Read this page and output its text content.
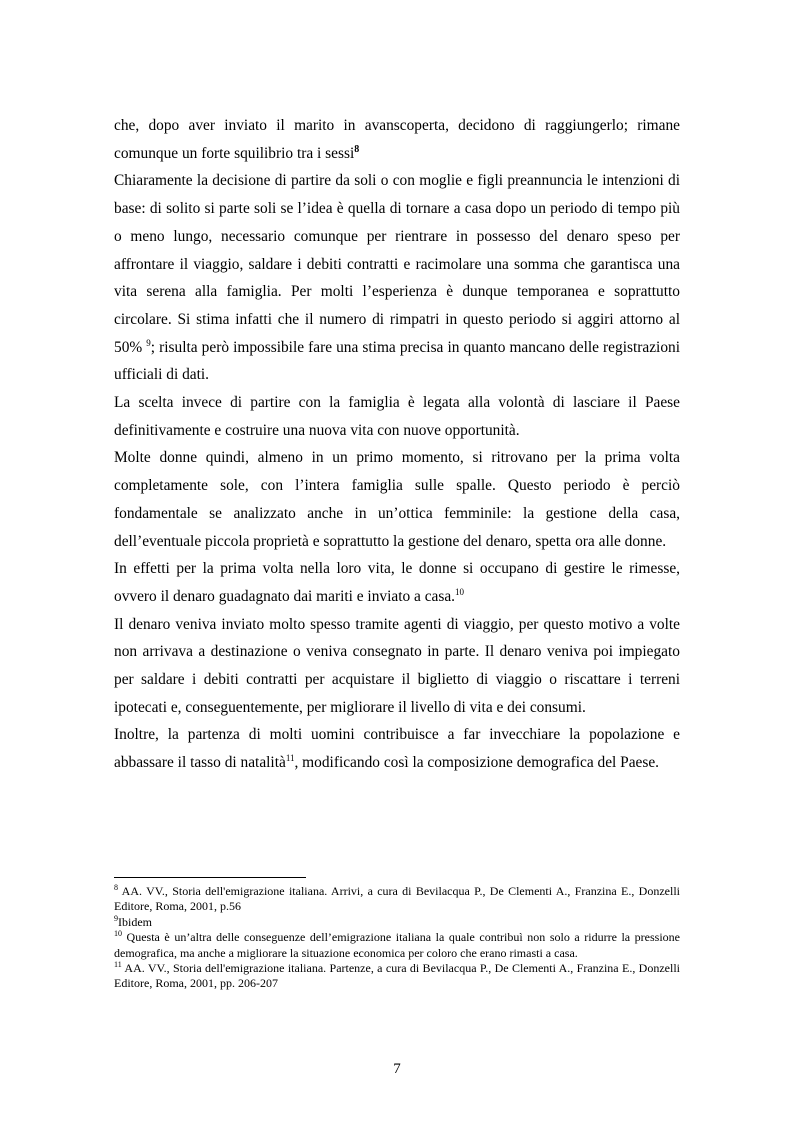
che, dopo aver inviato il marito in avanscoperta, decidono di raggiungerlo; rimane comunque un forte squilibrio tra i sessi$^8$

Chiaramente la decisione di partire da soli o con moglie e figli preannuncia le intenzioni di base: di solito si parte soli se l’idea è quella di tornare a casa dopo un periodo di tempo più o meno lungo, necessario comunque per rientrare in possesso del denaro speso per affrontare il viaggio, saldare i debiti contratti e racimolare una somma che garantisca una vita serena alla famiglia. Per molti l’esperienza è dunque temporanea e soprattutto circolare. Si stima infatti che il numero di rimpatri in questo periodo si aggiri attorno al 50% $^9$; risulta però impossibile fare una stima precisa in quanto mancano delle registrazioni ufficiali di dati.

La scelta invece di partire con la famiglia è legata alla volontà di lasciare il Paese definitivamente e costruire una nuova vita con nuove opportunità.

Molte donne quindi, almeno in un primo momento, si ritrovano per la prima volta completamente sole, con l’intera famiglia sulle spalle. Questo periodo è perciò fondamentale se analizzato anche in un’ottica femminile: la gestione della casa, dell’eventuale piccola proprietà e soprattutto la gestione del denaro, spetta ora alle donne.

In effetti per la prima volta nella loro vita, le donne si occupano di gestire le rimesse, ovvero il denaro guadagnato dai mariti e inviato a casa.$^{10}$

Il denaro veniva inviato molto spesso tramite agenti di viaggio, per questo motivo a volte non arrivava a destinazione o veniva consegnato in parte. Il denaro veniva poi impiegato per saldare i debiti contratti per acquistare il biglietto di viaggio o riscattare i terreni ipotecati e, conseguentemente, per migliorare il livello di vita e dei consumi.

Inoltre, la partenza di molti uomini contribuisce a far invecchiare la popolazione e abbassare il tasso di natalità$^{11}$, modificando così la composizione demografica del Paese.

$^8$ AA. VV., Storia dell'emigrazione italiana. Arrivi, a cura di Bevilacqua P., De Clementi A., Franzina E., Donzelli Editore, Roma, 2001, p.56

$^9$Ibidem

$^{10}$ Questa è un’altra delle conseguenze dell’emigrazione italiana la quale contribuì non solo a ridurre la pressione demografica, ma anche a migliorare la situazione economica per coloro che erano rimasti a casa.

$^{11}$ AA. VV., Storia dell'emigrazione italiana. Partenze, a cura di Bevilacqua P., De Clementi A., Franzina E., Donzelli Editore, Roma, 2001, pp. 206-207

7
